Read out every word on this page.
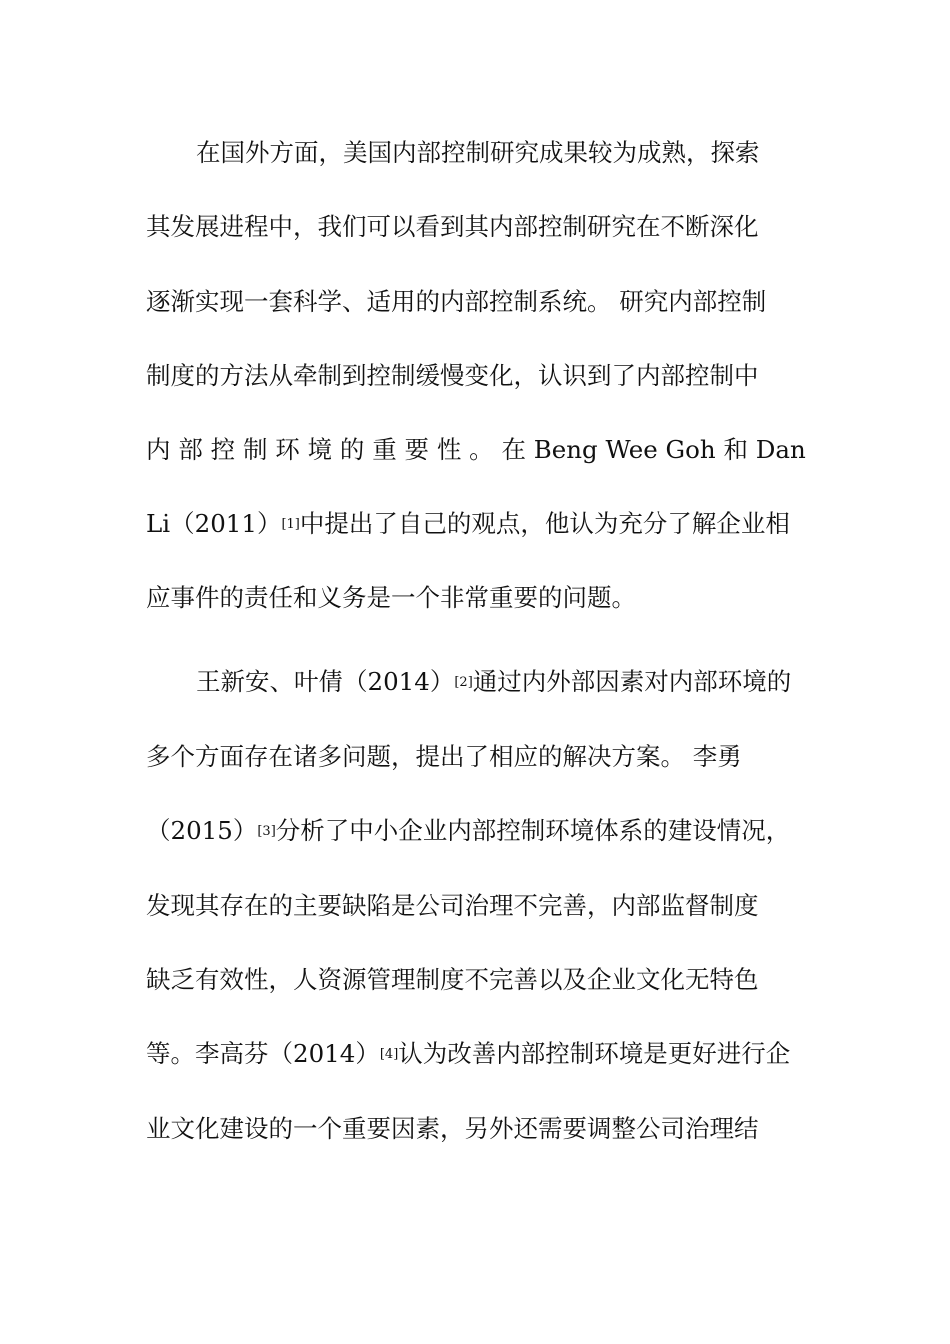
在国外方面，美国内部控制研究成果较为成熟，探索
其发展进程中，我们可以看到其内部控制研究在不断深化
逐渐实现一套科学、适用的内部控制系统。 研究内部控制
制度的方法从牵制到控制缓慢变化，认识到了内部控制中
内 部 控 制 环 境 的 重 要 性 。 在 Beng Wee Goh 和 Dan
Li（2011）[1]中提出了自己的观点，他认为充分了解企业相
应事件的责任和义务是一个非常重要的问题。
王新安、叶倩（2014）[2]通过内外部因素对内部环境的
多个方面存在诸多问题，提出了相应的解决方案。 李勇
（2015）[3]分析了中小企业内部控制环境体系的建设情况，
发现其存在的主要缺陷是公司治理不完善，内部监督制度
缺乏有效性，人资源管理制度不完善以及企业文化无特色
等。李高芬（2014）[4]认为改善内部控制环境是更好进行企
业文化建设的一个重要因素，另外还需要调整公司治理结
